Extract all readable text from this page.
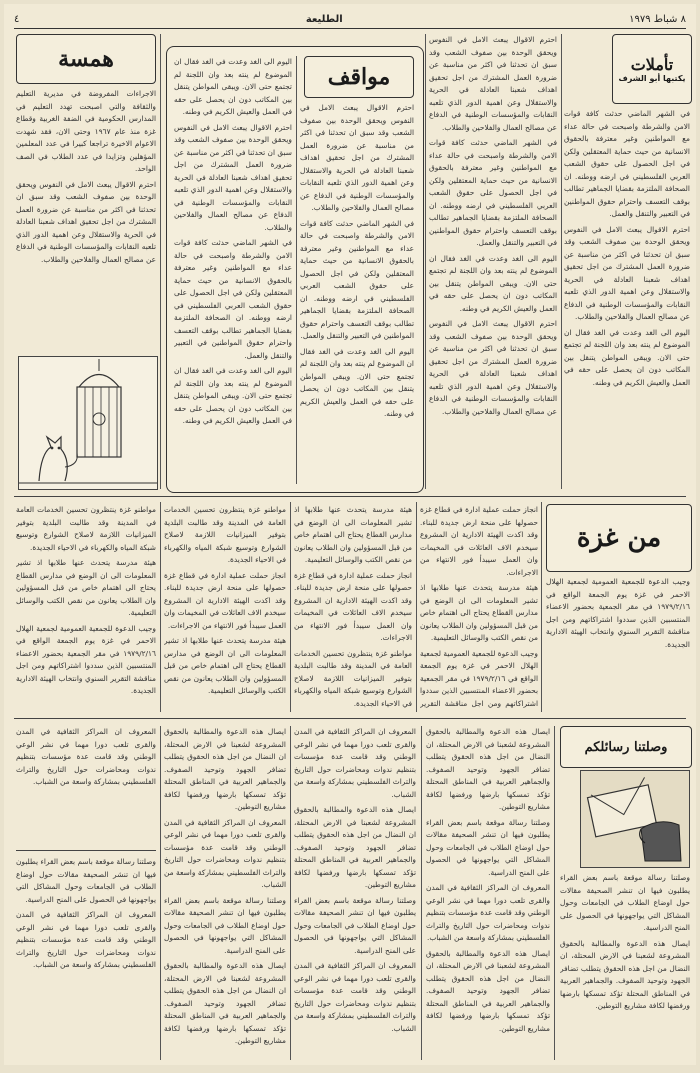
٤	الطليعة	٨ شباط ١٩٧٩
تأملات
يكتبها أبو الشرف

في الشهر الماضي حدثت كافة قوات الامن والشرطة واصبحت في حالة عداء مع المواطنين وغير معترفة بالحقوق الانسانية من حيث حماية المعتقلين ولكن في اجل الحصول على حقوق الشعب العربي الفلسطيني في ارضه ووطنه. ان الصحافة الملتزمة بقضايا الجماهير تطالب بوقف التعسف واحترام حقوق المواطنين في التعبير والتنقل والعمل.

احترم الاقوال يبعث الامل في النفوس ويحقق الوحدة بين صفوف الشعب وقد سبق ان تحدثنا في اكثر من مناسبة عن ضرورة العمل المشترك من اجل تحقيق اهداف شعبنا العادلة في الحرية والاستقلال وعن اهمية الدور الذي تلعبه النقابات والمؤسسات الوطنية في الدفاع عن مصالح العمال والفلاحين والطلاب.

اليوم الى الغد وعدت في الغد فقال ان الموضوع لم ينته بعد وان اللجنة لم تجتمع حتى الان. ويبقى المواطن يتنقل بين المكاتب دون ان يحصل على حقه في العمل والعيش الكريم في وطنه.

احترم الاقوال يبعث الامل في النفوس ويحقق الوحدة بين صفوف الشعب وقد سبق ان تحدثنا في اكثر من مناسبة عن ضرورة العمل المشترك من اجل تحقيق اهداف شعبنا العادلة في الحرية والاستقلال وعن اهمية الدور الذي تلعبه النقابات والمؤسسات الوطنية في الدفاع عن مصالح العمال والفلاحين والطلاب.

في الشهر الماضي حدثت كافة قوات الامن والشرطة واصبحت في حالة عداء مع المواطنين وغير معترفة بالحقوق الانسانية من حيث حماية المعتقلين ولكن في اجل الحصول على حقوق الشعب العربي الفلسطيني في ارضه ووطنه. ان الصحافة الملتزمة بقضايا الجماهير تطالب بوقف التعسف واحترام حقوق المواطنين في التعبير والتنقل والعمل.

اليوم الى الغد وعدت في الغد فقال ان الموضوع لم ينته بعد وان اللجنة لم تجتمع حتى الان. ويبقى المواطن يتنقل بين المكاتب دون ان يحصل على حقه في العمل والعيش الكريم في وطنه.

احترم الاقوال يبعث الامل في النفوس ويحقق الوحدة بين صفوف الشعب وقد سبق ان تحدثنا في اكثر من مناسبة عن ضرورة العمل المشترك من اجل تحقيق اهداف شعبنا العادلة في الحرية والاستقلال وعن اهمية الدور الذي تلعبه النقابات والمؤسسات الوطنية في الدفاع عن مصالح العمال والفلاحين والطلاب.

مواقف

احترم الاقوال يبعث الامل في النفوس ويحقق الوحدة بين صفوف الشعب وقد سبق ان تحدثنا في اكثر من مناسبة عن ضرورة العمل المشترك من اجل تحقيق اهداف شعبنا العادلة في الحرية والاستقلال وعن اهمية الدور الذي تلعبه النقابات والمؤسسات الوطنية في الدفاع عن مصالح العمال والفلاحين والطلاب.

في الشهر الماضي حدثت كافة قوات الامن والشرطة واصبحت في حالة عداء مع المواطنين وغير معترفة بالحقوق الانسانية من حيث حماية المعتقلين ولكن في اجل الحصول على حقوق الشعب العربي الفلسطيني في ارضه ووطنه. ان الصحافة الملتزمة بقضايا الجماهير تطالب بوقف التعسف واحترام حقوق المواطنين في التعبير والتنقل والعمل.

اليوم الى الغد وعدت في الغد فقال ان الموضوع لم ينته بعد وان اللجنة لم تجتمع حتى الان. ويبقى المواطن يتنقل بين المكاتب دون ان يحصل على حقه في العمل والعيش الكريم في وطنه.

اليوم الى الغد وعدت في الغد فقال ان الموضوع لم ينته بعد وان اللجنة لم تجتمع حتى الان. ويبقى المواطن يتنقل بين المكاتب دون ان يحصل على حقه في العمل والعيش الكريم في وطنه.

احترم الاقوال يبعث الامل في النفوس ويحقق الوحدة بين صفوف الشعب وقد سبق ان تحدثنا في اكثر من مناسبة عن ضرورة العمل المشترك من اجل تحقيق اهداف شعبنا العادلة في الحرية والاستقلال وعن اهمية الدور الذي تلعبه النقابات والمؤسسات الوطنية في الدفاع عن مصالح العمال والفلاحين والطلاب.

في الشهر الماضي حدثت كافة قوات الامن والشرطة واصبحت في حالة عداء مع المواطنين وغير معترفة بالحقوق الانسانية من حيث حماية المعتقلين ولكن في اجل الحصول على حقوق الشعب العربي الفلسطيني في ارضه ووطنه. ان الصحافة الملتزمة بقضايا الجماهير تطالب بوقف التعسف واحترام حقوق المواطنين في التعبير والتنقل والعمل.

اليوم الى الغد وعدت في الغد فقال ان الموضوع لم ينته بعد وان اللجنة لم تجتمع حتى الان. ويبقى المواطن يتنقل بين المكاتب دون ان يحصل على حقه في العمل والعيش الكريم في وطنه.

همسة

الاجراءات المفروضة في مديرية التعليم والثقافة والتي اصبحت تهدد التعليم في المدارس الحكومية في الضفة الغربية وقطاع غزة منذ عام ١٩٦٧ وحتى الان، فقد شهدت الاعوام الاخيرة تراجعا كبيرا في عدد المعلمين المؤهلين وتزايدا في عدد الطلاب في الصف الواحد.

احترم الاقوال يبعث الامل في النفوس ويحقق الوحدة بين صفوف الشعب وقد سبق ان تحدثنا في اكثر من مناسبة عن ضرورة العمل المشترك من اجل تحقيق اهداف شعبنا العادلة في الحرية والاستقلال وعن اهمية الدور الذي تلعبه النقابات والمؤسسات الوطنية في الدفاع عن مصالح العمال والفلاحين والطلاب.

من غزة

وجيب الدعوة للجمعية العمومية لجمعية الهلال الاحمر في غزة يوم الجمعة الواقع في ١٩٧٩/٢/١٦ في مقر الجمعية بحضور الاعضاء المنتسبين الذين سددوا اشتراكاتهم ومن اجل مناقشة التقرير السنوي وانتخاب الهيئة الادارية الجديدة.

انجاز حملت عملية ادارة في قطاع غزة حصولها على منحة ارض جديدة للبناء. وقد اكدت الهيئة الادارية ان المشروع سيخدم الاف العائلات في المخيمات وان العمل سيبدأ فور الانتهاء من الاجراءات.

هيئة مدرسة يتحدث عنها طلابها اذ تشير المعلومات الى ان الوضع في مدارس القطاع يحتاج الى اهتمام خاص من قبل المسؤولين وان الطلاب يعانون من نقص الكتب والوسائل التعليمية.

وجيب الدعوة للجمعية العمومية لجمعية الهلال الاحمر في غزة يوم الجمعة الواقع في ١٩٧٩/٢/١٦ في مقر الجمعية بحضور الاعضاء المنتسبين الذين سددوا اشتراكاتهم ومن اجل مناقشة التقرير

هيئة مدرسة يتحدث عنها طلابها اذ تشير المعلومات الى ان الوضع في مدارس القطاع يحتاج الى اهتمام خاص من قبل المسؤولين وان الطلاب يعانون من نقص الكتب والوسائل التعليمية.

انجاز حملت عملية ادارة في قطاع غزة حصولها على منحة ارض جديدة للبناء. وقد اكدت الهيئة الادارية ان المشروع سيخدم الاف العائلات في المخيمات وان العمل سيبدأ فور الانتهاء من الاجراءات.

مواطنو غزة ينتظرون تحسين الخدمات العامة في المدينة وقد طالبت البلدية بتوفير الميزانيات اللازمة لاصلاح الشوارع وتوسيع شبكة المياه والكهرباء في الاحياء الجديدة.

مواطنو غزة ينتظرون تحسين الخدمات العامة في المدينة وقد طالبت البلدية بتوفير الميزانيات اللازمة لاصلاح الشوارع وتوسيع شبكة المياه والكهرباء في الاحياء الجديدة.

انجاز حملت عملية ادارة في قطاع غزة حصولها على منحة ارض جديدة للبناء. وقد اكدت الهيئة الادارية ان المشروع سيخدم الاف العائلات في المخيمات وان العمل سيبدأ فور الانتهاء من الاجراءات.

هيئة مدرسة يتحدث عنها طلابها اذ تشير المعلومات الى ان الوضع في مدارس القطاع يحتاج الى اهتمام خاص من قبل المسؤولين وان الطلاب يعانون من نقص الكتب والوسائل التعليمية.

مواطنو غزة ينتظرون تحسين الخدمات العامة في المدينة وقد طالبت البلدية بتوفير الميزانيات اللازمة لاصلاح الشوارع وتوسيع شبكة المياه والكهرباء في الاحياء الجديدة.

هيئة مدرسة يتحدث عنها طلابها اذ تشير المعلومات الى ان الوضع في مدارس القطاع يحتاج الى اهتمام خاص من قبل المسؤولين وان الطلاب يعانون من نقص الكتب والوسائل التعليمية.

وجيب الدعوة للجمعية العمومية لجمعية الهلال الاحمر في غزة يوم الجمعة الواقع في ١٩٧٩/٢/١٦ في مقر الجمعية بحضور الاعضاء المنتسبين الذين سددوا اشتراكاتهم ومن اجل مناقشة التقرير السنوي وانتخاب الهيئة الادارية الجديدة.

وصلتنا رسائلكم

وصلتنا رسالة موقعة باسم بعض القراء يطلبون فيها ان تنشر الصحيفة مقالات حول اوضاع الطلاب في الجامعات وحول المشاكل التي يواجهونها في الحصول على المنح الدراسية.

ايصال هذه الدعوة والمطالبة بالحقوق المشروعة لشعبنا في الارض المحتلة، ان النضال من اجل هذه الحقوق يتطلب تضافر الجهود وتوحيد الصفوف. والجماهير العربية في المناطق المحتلة تؤكد تمسكها بارضها ورفضها لكافة مشاريع التوطين.

ايصال هذه الدعوة والمطالبة بالحقوق المشروعة لشعبنا في الارض المحتلة، ان النضال من اجل هذه الحقوق يتطلب تضافر الجهود وتوحيد الصفوف. والجماهير العربية في المناطق المحتلة تؤكد تمسكها بارضها ورفضها لكافة مشاريع التوطين.

وصلتنا رسالة موقعة باسم بعض القراء يطلبون فيها ان تنشر الصحيفة مقالات حول اوضاع الطلاب في الجامعات وحول المشاكل التي يواجهونها في الحصول على المنح الدراسية.

المعروف ان المراكز الثقافية في المدن والقرى تلعب دورا مهما في نشر الوعي الوطني وقد قامت عدة مؤسسات بتنظيم ندوات ومحاضرات حول التاريخ والتراث الفلسطيني بمشاركة واسعة من الشباب.

ايصال هذه الدعوة والمطالبة بالحقوق المشروعة لشعبنا في الارض المحتلة، ان النضال من اجل هذه الحقوق يتطلب تضافر الجهود وتوحيد الصفوف. والجماهير العربية في المناطق المحتلة تؤكد تمسكها بارضها ورفضها لكافة مشاريع التوطين.

المعروف ان المراكز الثقافية في المدن والقرى تلعب دورا مهما في نشر الوعي الوطني وقد قامت عدة مؤسسات بتنظيم ندوات ومحاضرات حول التاريخ والتراث الفلسطيني بمشاركة واسعة من الشباب.

ايصال هذه الدعوة والمطالبة بالحقوق المشروعة لشعبنا في الارض المحتلة، ان النضال من اجل هذه الحقوق يتطلب تضافر الجهود وتوحيد الصفوف. والجماهير العربية في المناطق المحتلة تؤكد تمسكها بارضها ورفضها لكافة مشاريع التوطين.

وصلتنا رسالة موقعة باسم بعض القراء يطلبون فيها ان تنشر الصحيفة مقالات حول اوضاع الطلاب في الجامعات وحول المشاكل التي يواجهونها في الحصول على المنح الدراسية.

المعروف ان المراكز الثقافية في المدن والقرى تلعب دورا مهما في نشر الوعي الوطني وقد قامت عدة مؤسسات بتنظيم ندوات ومحاضرات حول التاريخ والتراث الفلسطيني بمشاركة واسعة من الشباب.

ايصال هذه الدعوة والمطالبة بالحقوق المشروعة لشعبنا في الارض المحتلة، ان النضال من اجل هذه الحقوق يتطلب تضافر الجهود وتوحيد الصفوف. والجماهير العربية في المناطق المحتلة تؤكد تمسكها بارضها ورفضها لكافة مشاريع التوطين.

المعروف ان المراكز الثقافية في المدن والقرى تلعب دورا مهما في نشر الوعي الوطني وقد قامت عدة مؤسسات بتنظيم ندوات ومحاضرات حول التاريخ والتراث الفلسطيني بمشاركة واسعة من الشباب.

وصلتنا رسالة موقعة باسم بعض القراء يطلبون فيها ان تنشر الصحيفة مقالات حول اوضاع الطلاب في الجامعات وحول المشاكل التي يواجهونها في الحصول على المنح الدراسية.

ايصال هذه الدعوة والمطالبة بالحقوق المشروعة لشعبنا في الارض المحتلة، ان النضال من اجل هذه الحقوق يتطلب تضافر الجهود وتوحيد الصفوف. والجماهير العربية في المناطق المحتلة تؤكد تمسكها بارضها ورفضها لكافة مشاريع التوطين.

المعروف ان المراكز الثقافية في المدن والقرى تلعب دورا مهما في نشر الوعي الوطني وقد قامت عدة مؤسسات بتنظيم ندوات ومحاضرات حول التاريخ والتراث الفلسطيني بمشاركة واسعة من الشباب.

وصلتنا رسالة موقعة باسم بعض القراء يطلبون فيها ان تنشر الصحيفة مقالات حول اوضاع الطلاب في الجامعات وحول المشاكل التي يواجهونها في الحصول على المنح الدراسية.

المعروف ان المراكز الثقافية في المدن والقرى تلعب دورا مهما في نشر الوعي الوطني وقد قامت عدة مؤسسات بتنظيم ندوات ومحاضرات حول التاريخ والتراث الفلسطيني بمشاركة واسعة من الشباب.
